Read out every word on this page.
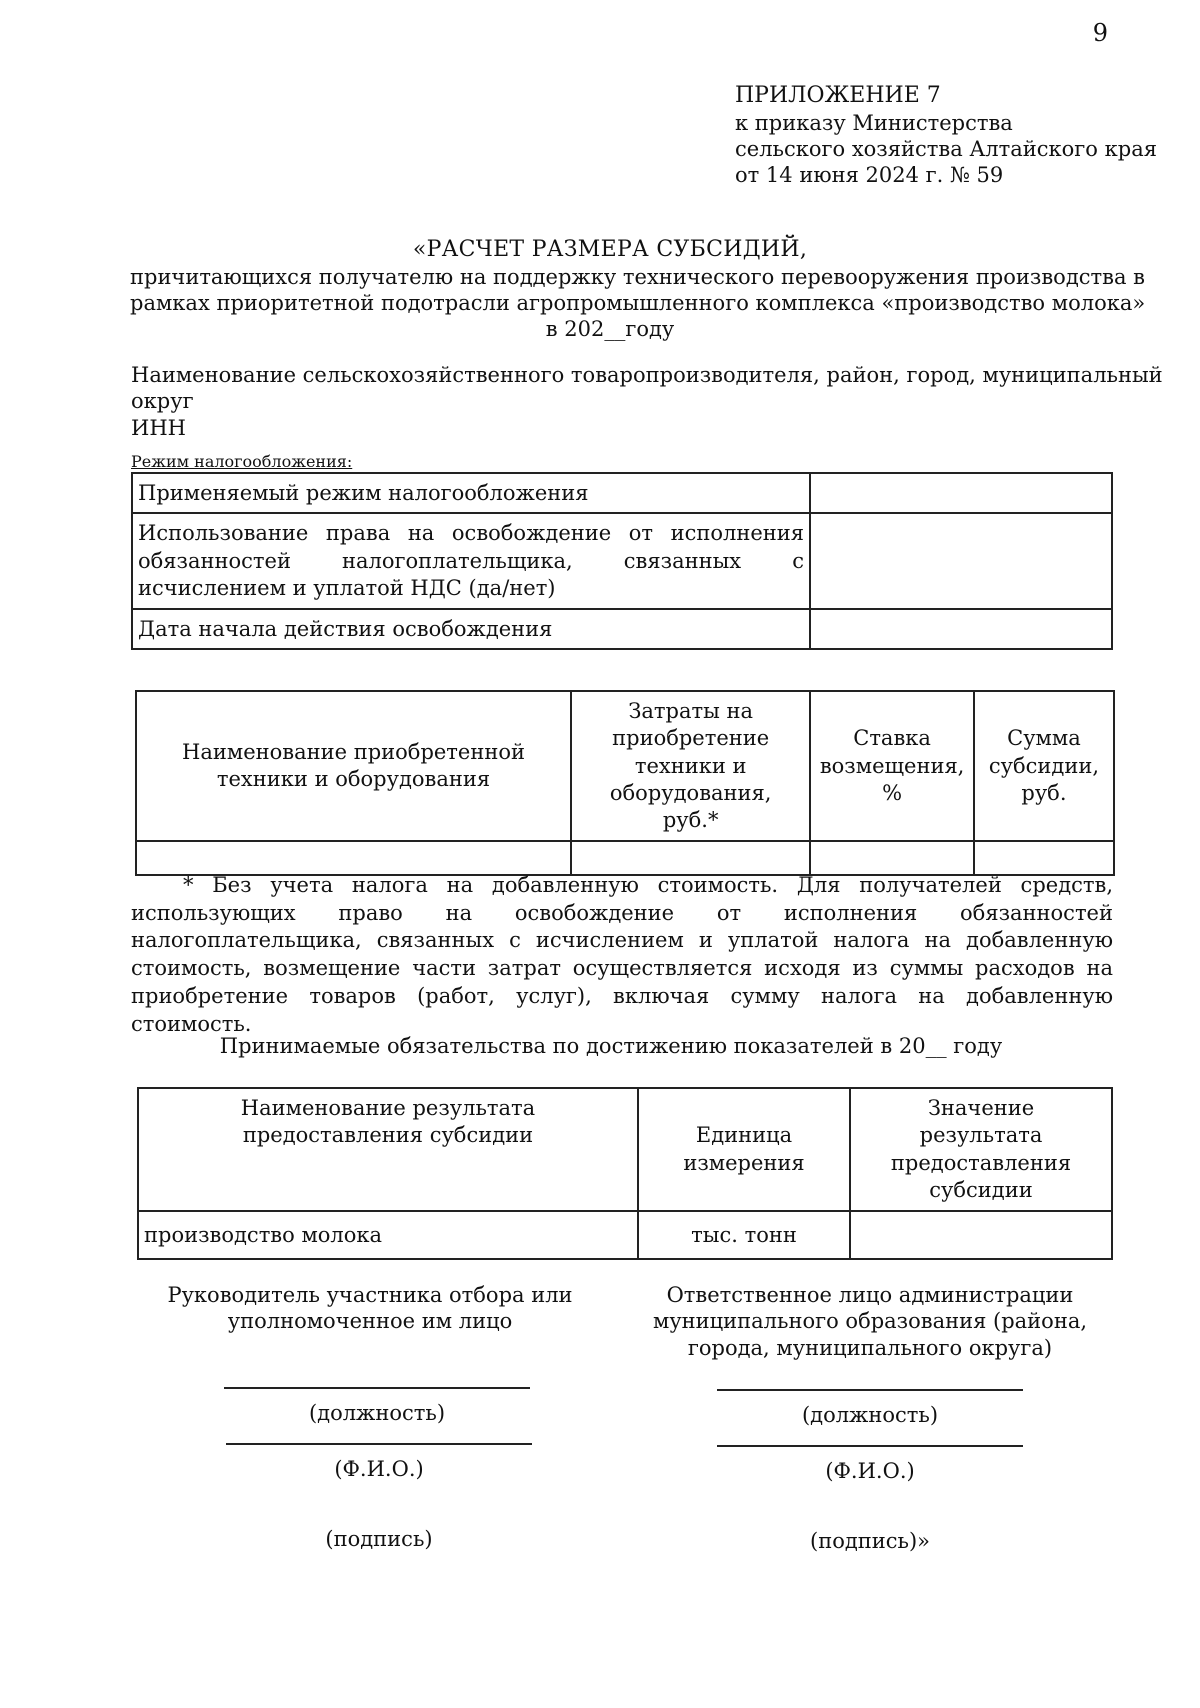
9
ПРИЛОЖЕНИЕ 7
к приказу Министерства
сельского хозяйства Алтайского края
от 14 июня 2024 г. № 59
«РАСЧЕТ РАЗМЕРА СУБСИДИЙ,
причитающихся получателю на поддержку технического перевооружения производства в
рамках приоритетной подотрасли агропромышленного комплекса «производство молока»
в 202__году
Наименование сельскохозяйственного товаропроизводителя, район, город, муниципальный
округ
ИНН
Режим налогообложения:
Применяемый режим налогообложения	
Использование права на освобождение от исполнения обязанностей налогоплательщика, связанных с исчислением и уплатой НДС (да/нет)	
Дата начала действия освобождения	
Наименование приобретенной техники и оборудования	Затраты на приобретение техники и оборудования, руб.*	Ставка возмещения, %	Сумма субсидии, руб.

* Без учета налога на добавленную стоимость. Для получателей средств, использующих право на освобождение от исполнения обязанностей налогоплательщика, связанных с исчислением и уплатой налога на добавленную стоимость, возмещение части затрат осуществляется исходя из суммы расходов на приобретение товаров (работ, услуг), включая сумму налога на добавленную стоимость.
Принимаемые обязательства по достижению показателей в 20__ году
Наименование результата предоставления субсидии	Единица измерения	Значение результата предоставления субсидии
производство молока	тыс. тонн	
Руководитель участника отбора или
уполномоченное им лицо
(должность)
(Ф.И.О.)
(подпись)
Ответственное лицо администрации
муниципального образования (района,
города, муниципального округа)
(должность)
(Ф.И.О.)
(подпись)»
